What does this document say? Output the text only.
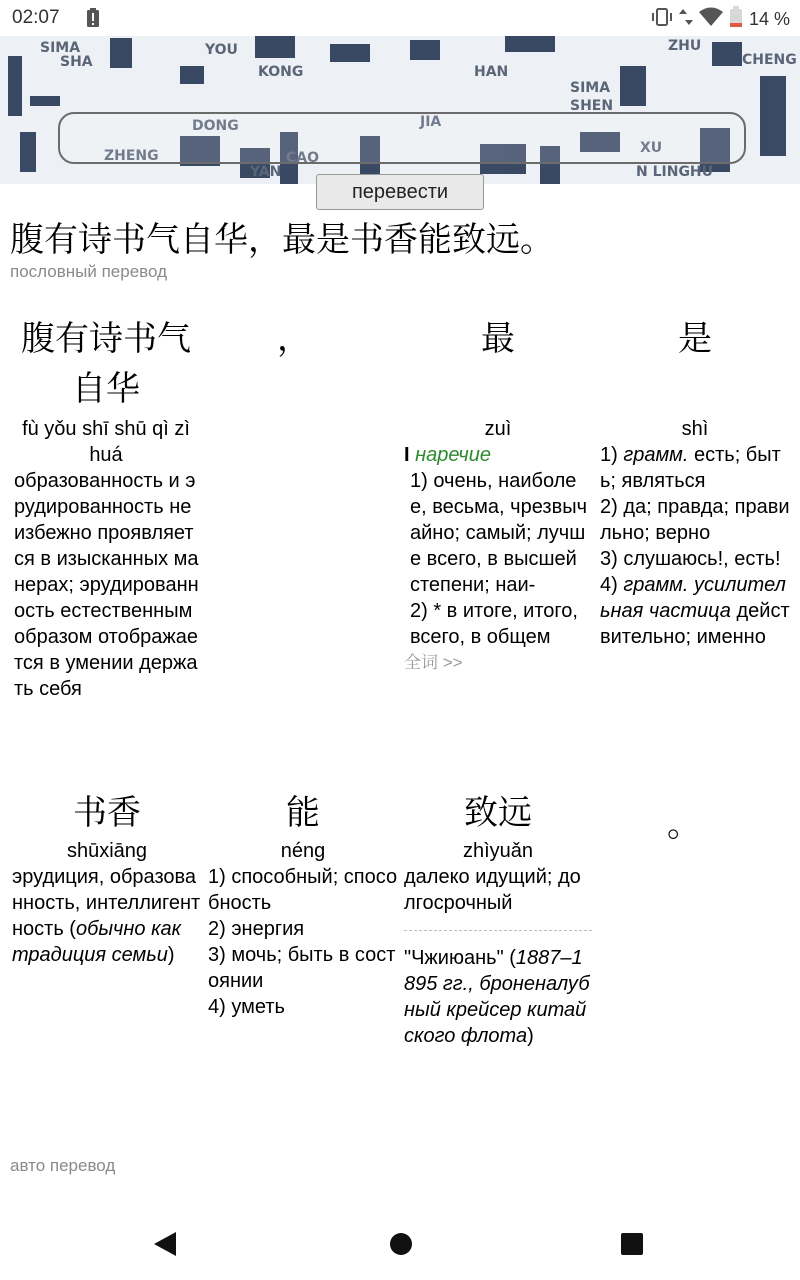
02:07	14 %
SIMA	YOU
HAN
ZHU
CHENG
SIMA
SHEN
ZHENG	XU
N LINGHU
KONG
DONG
CAO
YAN
SHA
JIA
перевести
腹有诗书气自华，最是书香能致远。
пословный перевод
腹有诗书气自华
fù yǒu shī shū qì zì huá
образованность и эрудированность неизбежно проявляется в изысканных манерах; эрудированность естественным образом отображается в умении держать себя
，	最
zuì
I наречие
1) очень, наиболее, весьма, чрезвычайно; самый; лучше всего, в высшей степени; наи-
2) * в итоге, итого, всего, в общем
全词 >>
是
shì
1) грамм. есть; быть; являться
2) да; правда; правильно; верно
3) слушаюсь!, есть!
4) грамм. усилительная частица действительно; именно
书香
shūxiāng
эрудиция, образованность, интеллигентность (обычно как традиция семьи)
能
néng
1) способный; способность
2) энергия
3) мочь; быть в состоянии
4) уметь
致远
zhìyuǎn
далеко идущий; долгосрочный
"Чжиюань" (1887–1895 гг., броненалубный крейсер китайского флота)
。
авто перевод
